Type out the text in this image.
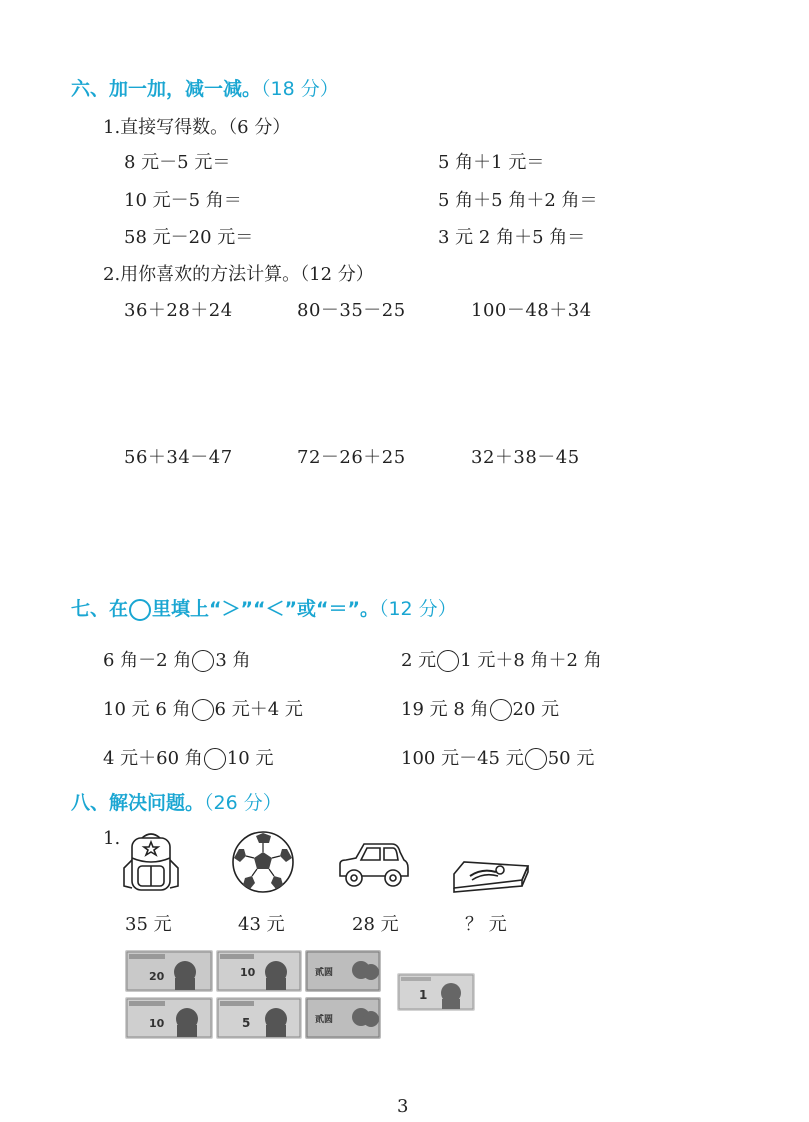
六、加一加，减一减。（18 分）
1.直接写得数。（6 分）
8 元－5 元＝	5 角＋1 元＝
10 元－5 角＝	5 角＋5 角＋2 角＝
58 元－20 元＝	3 元 2 角＋5 角＝
2.用你喜欢的方法计算。（12 分）
36＋28＋24	80－35－25	100－48＋34
56＋34－47	72－26＋25	32＋38－45
七、在 里填上“＞”“＜”或“＝”。（12 分）
6 角－2 角 3 角	2 元 1 元＋8 角＋2 角
10 元 6 角 6 元＋4 元	19 元 8 角 20 元
4 元＋60 角 10 元	100 元－45 元 50 元
八、解决问题。（26 分）
1.
35 元	43 元	28 元	？ 元
20	10	贰圆
1
10	5	贰圆
3
